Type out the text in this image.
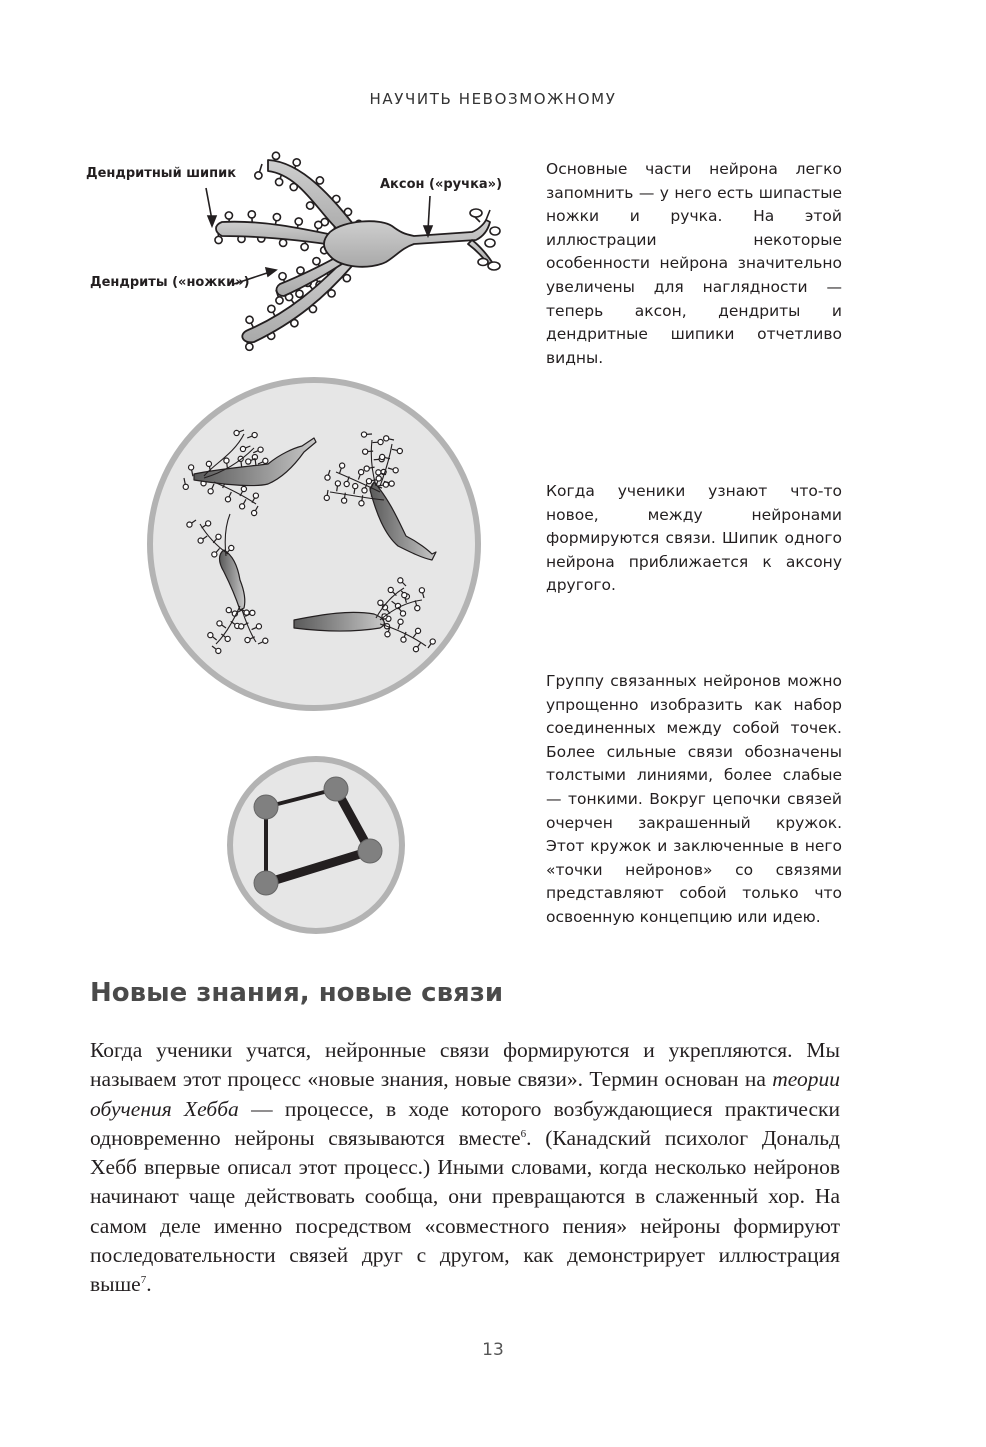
НАУЧИТЬ НЕВОЗМОЖНОМУ
Дендритный шипик
Аксон («ручка»)
Дендриты («ножки»)
Основные части нейрона легко запомнить — у него есть шипастые ножки и ручка. На этой иллюстрации некоторые особенности нейрона значительно увеличены для наглядности — теперь аксон, дендриты и дендритные шипики отчетливо видны.
Когда ученики узнают что-то новое, между нейронами формируются связи. Шипик одного нейрона приближается к аксону другого.
Группу связанных нейронов можно упрощенно изобразить как набор соединенных между собой точек. Более сильные связи обозначены толстыми линиями, более слабые — тонкими. Вокруг цепочки связей очерчен закрашенный кружок. Этот кружок и заключенные в него «точки нейронов» со связями представляют собой только что освоенную концепцию или идею.
Новые знания, новые связи

Когда ученики учатся, нейронные связи формируются и укрепляются. Мы называем этот процесс «новые знания, новые связи». Термин основан на теории обучения Хебба — процессе, в ходе которого возбуждающиеся практически одновременно нейроны связываются вместе$^6$. (Канадский психолог Дональд Хебб впервые описал этот процесс.) Иными словами, когда несколько нейронов начинают чаще действовать сообща, они превращаются в слаженный хор. На самом деле именно посредством «совместного пения» нейроны формируют последовательности связей друг с другом, как демонстрирует иллюстрация выше$^7$.

13
